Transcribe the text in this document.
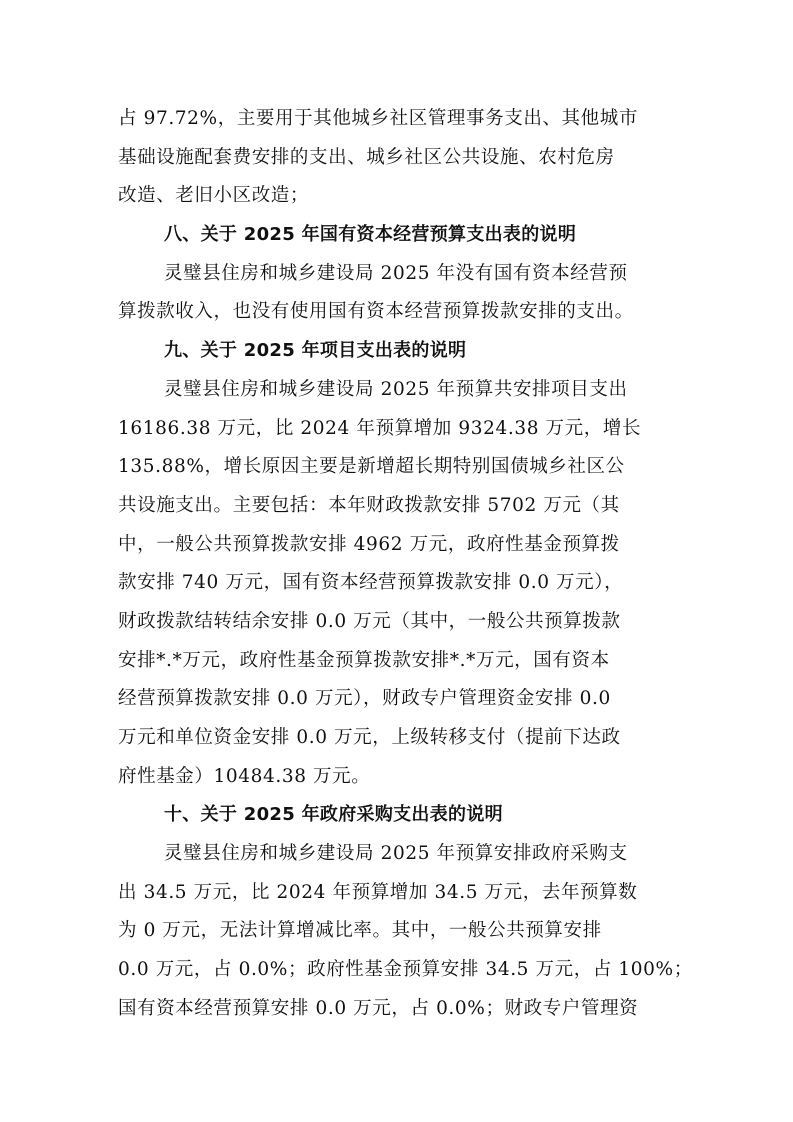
占 97.72%，主要用于其他城乡社区管理事务支出、其他城市
基础设施配套费安排的支出、城乡社区公共设施、农村危房
改造、老旧小区改造；
八、关于 2025 年国有资本经营预算支出表的说明
灵璧县住房和城乡建设局 2025 年没有国有资本经营预
算拨款收入，也没有使用国有资本经营预算拨款安排的支出。
九、关于 2025 年项目支出表的说明
灵璧县住房和城乡建设局 2025 年预算共安排项目支出
16186.38 万元，比 2024 年预算增加 9324.38 万元，增长
135.88%，增长原因主要是新增超长期特别国债城乡社区公
共设施支出。主要包括：本年财政拨款安排 5702 万元（其
中，一般公共预算拨款安排 4962 万元，政府性基金预算拨
款安排 740 万元，国有资本经营预算拨款安排 0.0 万元），
财政拨款结转结余安排 0.0 万元（其中，一般公共预算拨款
安排*.*万元，政府性基金预算拨款安排*.*万元，国有资本
经营预算拨款安排 0.0 万元），财政专户管理资金安排 0.0
万元和单位资金安排 0.0 万元，上级转移支付（提前下达政
府性基金）10484.38 万元。
十、关于 2025 年政府采购支出表的说明
灵璧县住房和城乡建设局 2025 年预算安排政府采购支
出 34.5 万元，比 2024 年预算增加 34.5 万元，去年预算数
为 0 万元，无法计算增减比率。其中，一般公共预算安排
0.0 万元，占 0.0%；政府性基金预算安排 34.5 万元，占 100%；
国有资本经营预算安排 0.0 万元，占 0.0%；财政专户管理资
